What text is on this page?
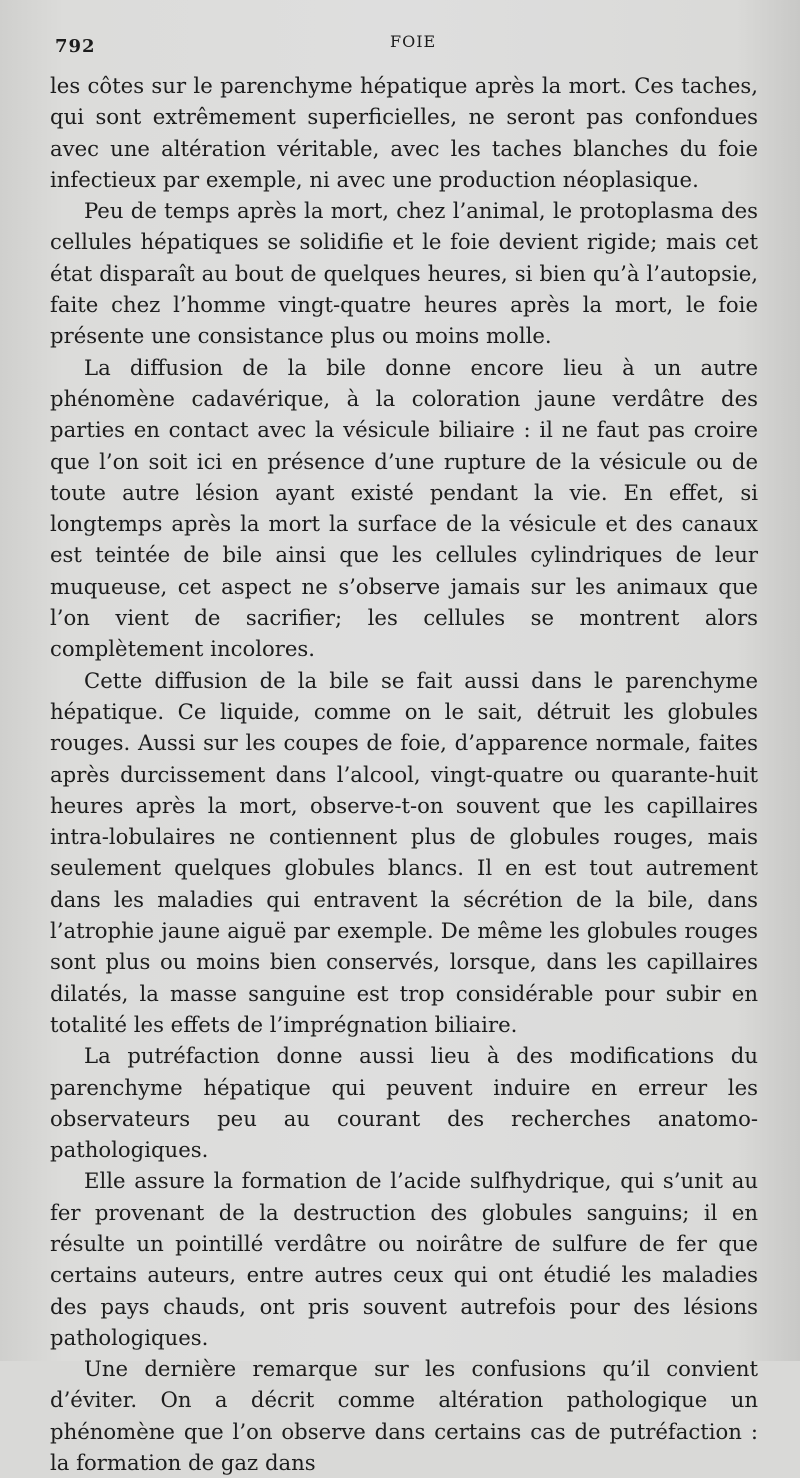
792	FOIE

les côtes sur le parenchyme hépatique après la mort. Ces taches, qui sont extrêmement superficielles, ne seront pas confondues avec une altération véritable, avec les taches blanches du foie infectieux par exemple, ni avec une production néoplasique.

Peu de temps après la mort, chez l’animal, le protoplasma des cellules hépatiques se solidifie et le foie devient rigide; mais cet état disparaît au bout de quelques heures, si bien qu’à l’autopsie, faite chez l’homme vingt-quatre heures après la mort, le foie présente une consistance plus ou moins molle.

La diffusion de la bile donne encore lieu à un autre phénomène cadavérique, à la coloration jaune verdâtre des parties en contact avec la vésicule biliaire : il ne faut pas croire que l’on soit ici en présence d’une rupture de la vésicule ou de toute autre lésion ayant existé pendant la vie. En effet, si longtemps après la mort la surface de la vésicule et des canaux est teintée de bile ainsi que les cellules cylindriques de leur muqueuse, cet aspect ne s’observe jamais sur les animaux que l’on vient de sacrifier; les cellules se montrent alors complètement incolores.

Cette diffusion de la bile se fait aussi dans le parenchyme hépatique. Ce liquide, comme on le sait, détruit les globules rouges. Aussi sur les coupes de foie, d’apparence normale, faites après durcissement dans l’alcool, vingt-quatre ou quarante-huit heures après la mort, observe-t-on souvent que les capillaires intra-lobulaires ne contiennent plus de globules rouges, mais seulement quelques globules blancs. Il en est tout autrement dans les maladies qui entravent la sécrétion de la bile, dans l’atrophie jaune aiguë par exemple. De même les globules rouges sont plus ou moins bien conservés, lorsque, dans les capillaires dilatés, la masse sanguine est trop considérable pour subir en totalité les effets de l’imprégnation biliaire.

La putréfaction donne aussi lieu à des modifications du parenchyme hépatique qui peuvent induire en erreur les observateurs peu au courant des recherches anatomo-pathologiques.

Elle assure la formation de l’acide sulfhydrique, qui s’unit au fer provenant de la destruction des globules sanguins; il en résulte un pointillé verdâtre ou noirâtre de sulfure de fer que certains auteurs, entre autres ceux qui ont étudié les maladies des pays chauds, ont pris souvent autrefois pour des lésions pathologiques.

Une dernière remarque sur les confusions qu’il convient d’éviter. On a décrit comme altération pathologique un phénomène que l’on observe dans certains cas de putréfaction : la formation de gaz dans
